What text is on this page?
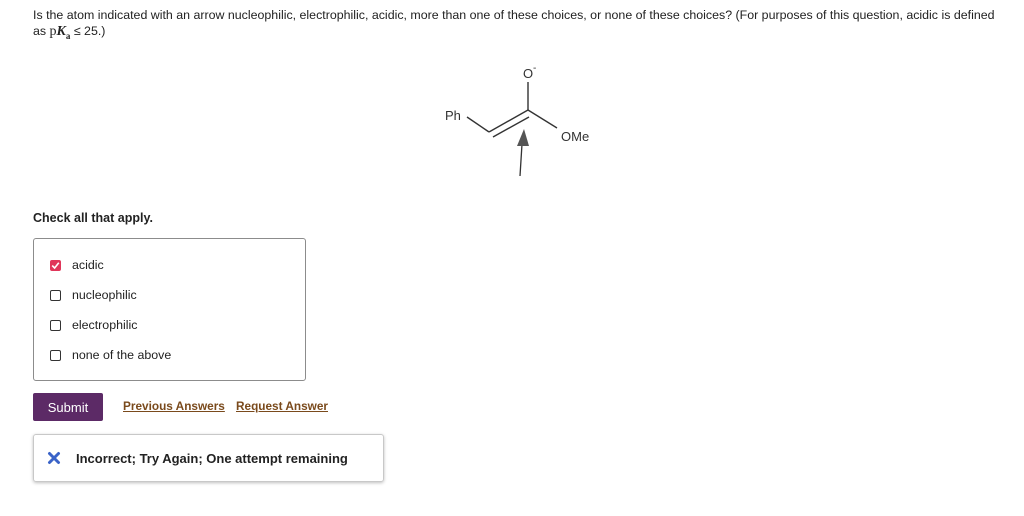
Is the atom indicated with an arrow nucleophilic, electrophilic, acidic, more than one of these choices, or none of these choices? (For purposes of this question, acidic is defined as $pK_a \le 25$.)
Ph
O -
OMe
Check all that apply.
acidic
nucleophilic
electrophilic
none of the above
Submit	Previous Answers Request Answer
Incorrect; Try Again; One attempt remaining
